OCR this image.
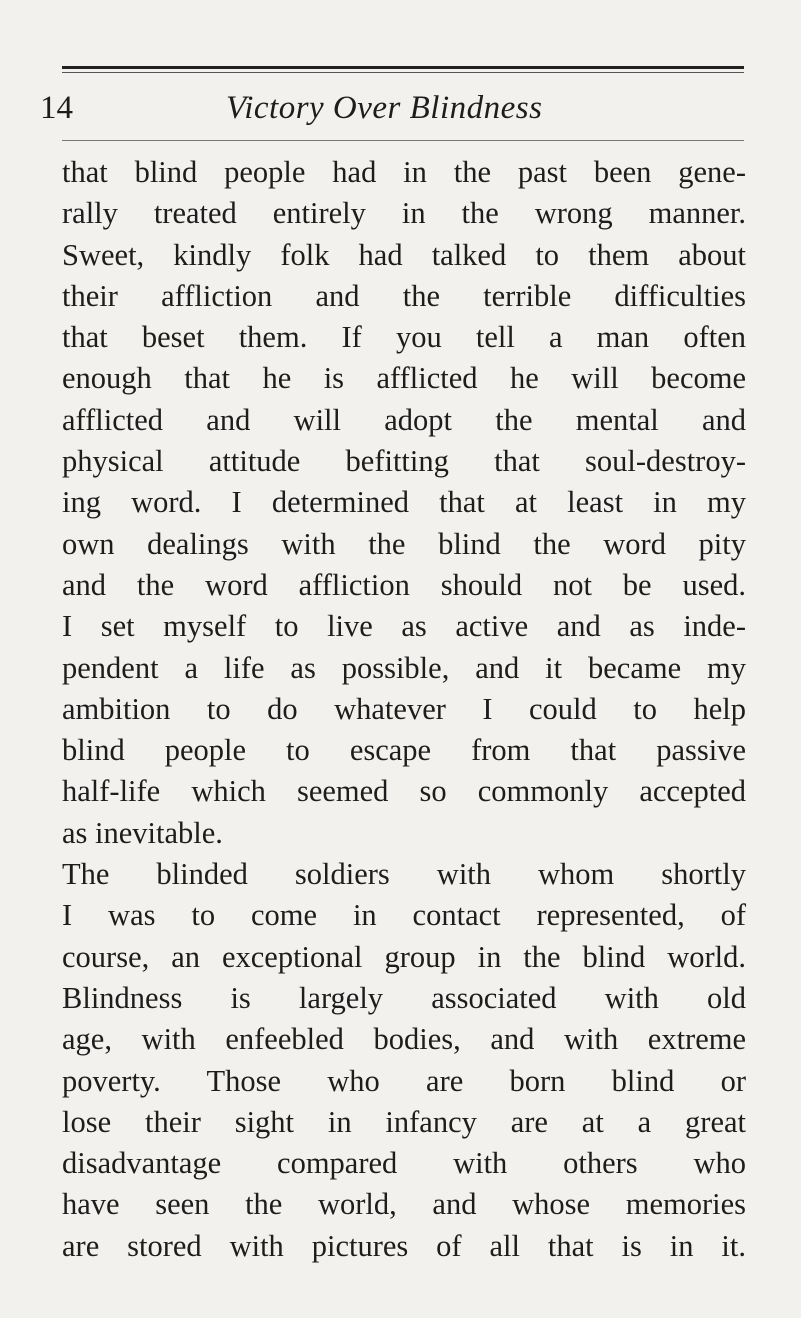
14	Victory Over Blindness
that blind people had in the past been gene-
rally treated entirely in the wrong manner.
Sweet, kindly folk had talked to them about
their affliction and the terrible difficulties
that beset them. If you tell a man often
enough that he is afflicted he will become
afflicted and will adopt the mental and
physical attitude befitting that soul-destroy-
ing word. I determined that at least in my
own dealings with the blind the word pity
and the word affliction should not be used.
I set myself to live as active and as inde-
pendent a life as possible, and it became my
ambition to do whatever I could to help
blind people to escape from that passive
half-life which seemed so commonly accepted
as inevitable.
The blinded soldiers with whom shortly
I was to come in contact represented, of
course, an exceptional group in the blind world.
Blindness is largely associated with old
age, with enfeebled bodies, and with extreme
poverty. Those who are born blind or
lose their sight in infancy are at a great
disadvantage compared with others who
have seen the world, and whose memories
are stored with pictures of all that is in it.
